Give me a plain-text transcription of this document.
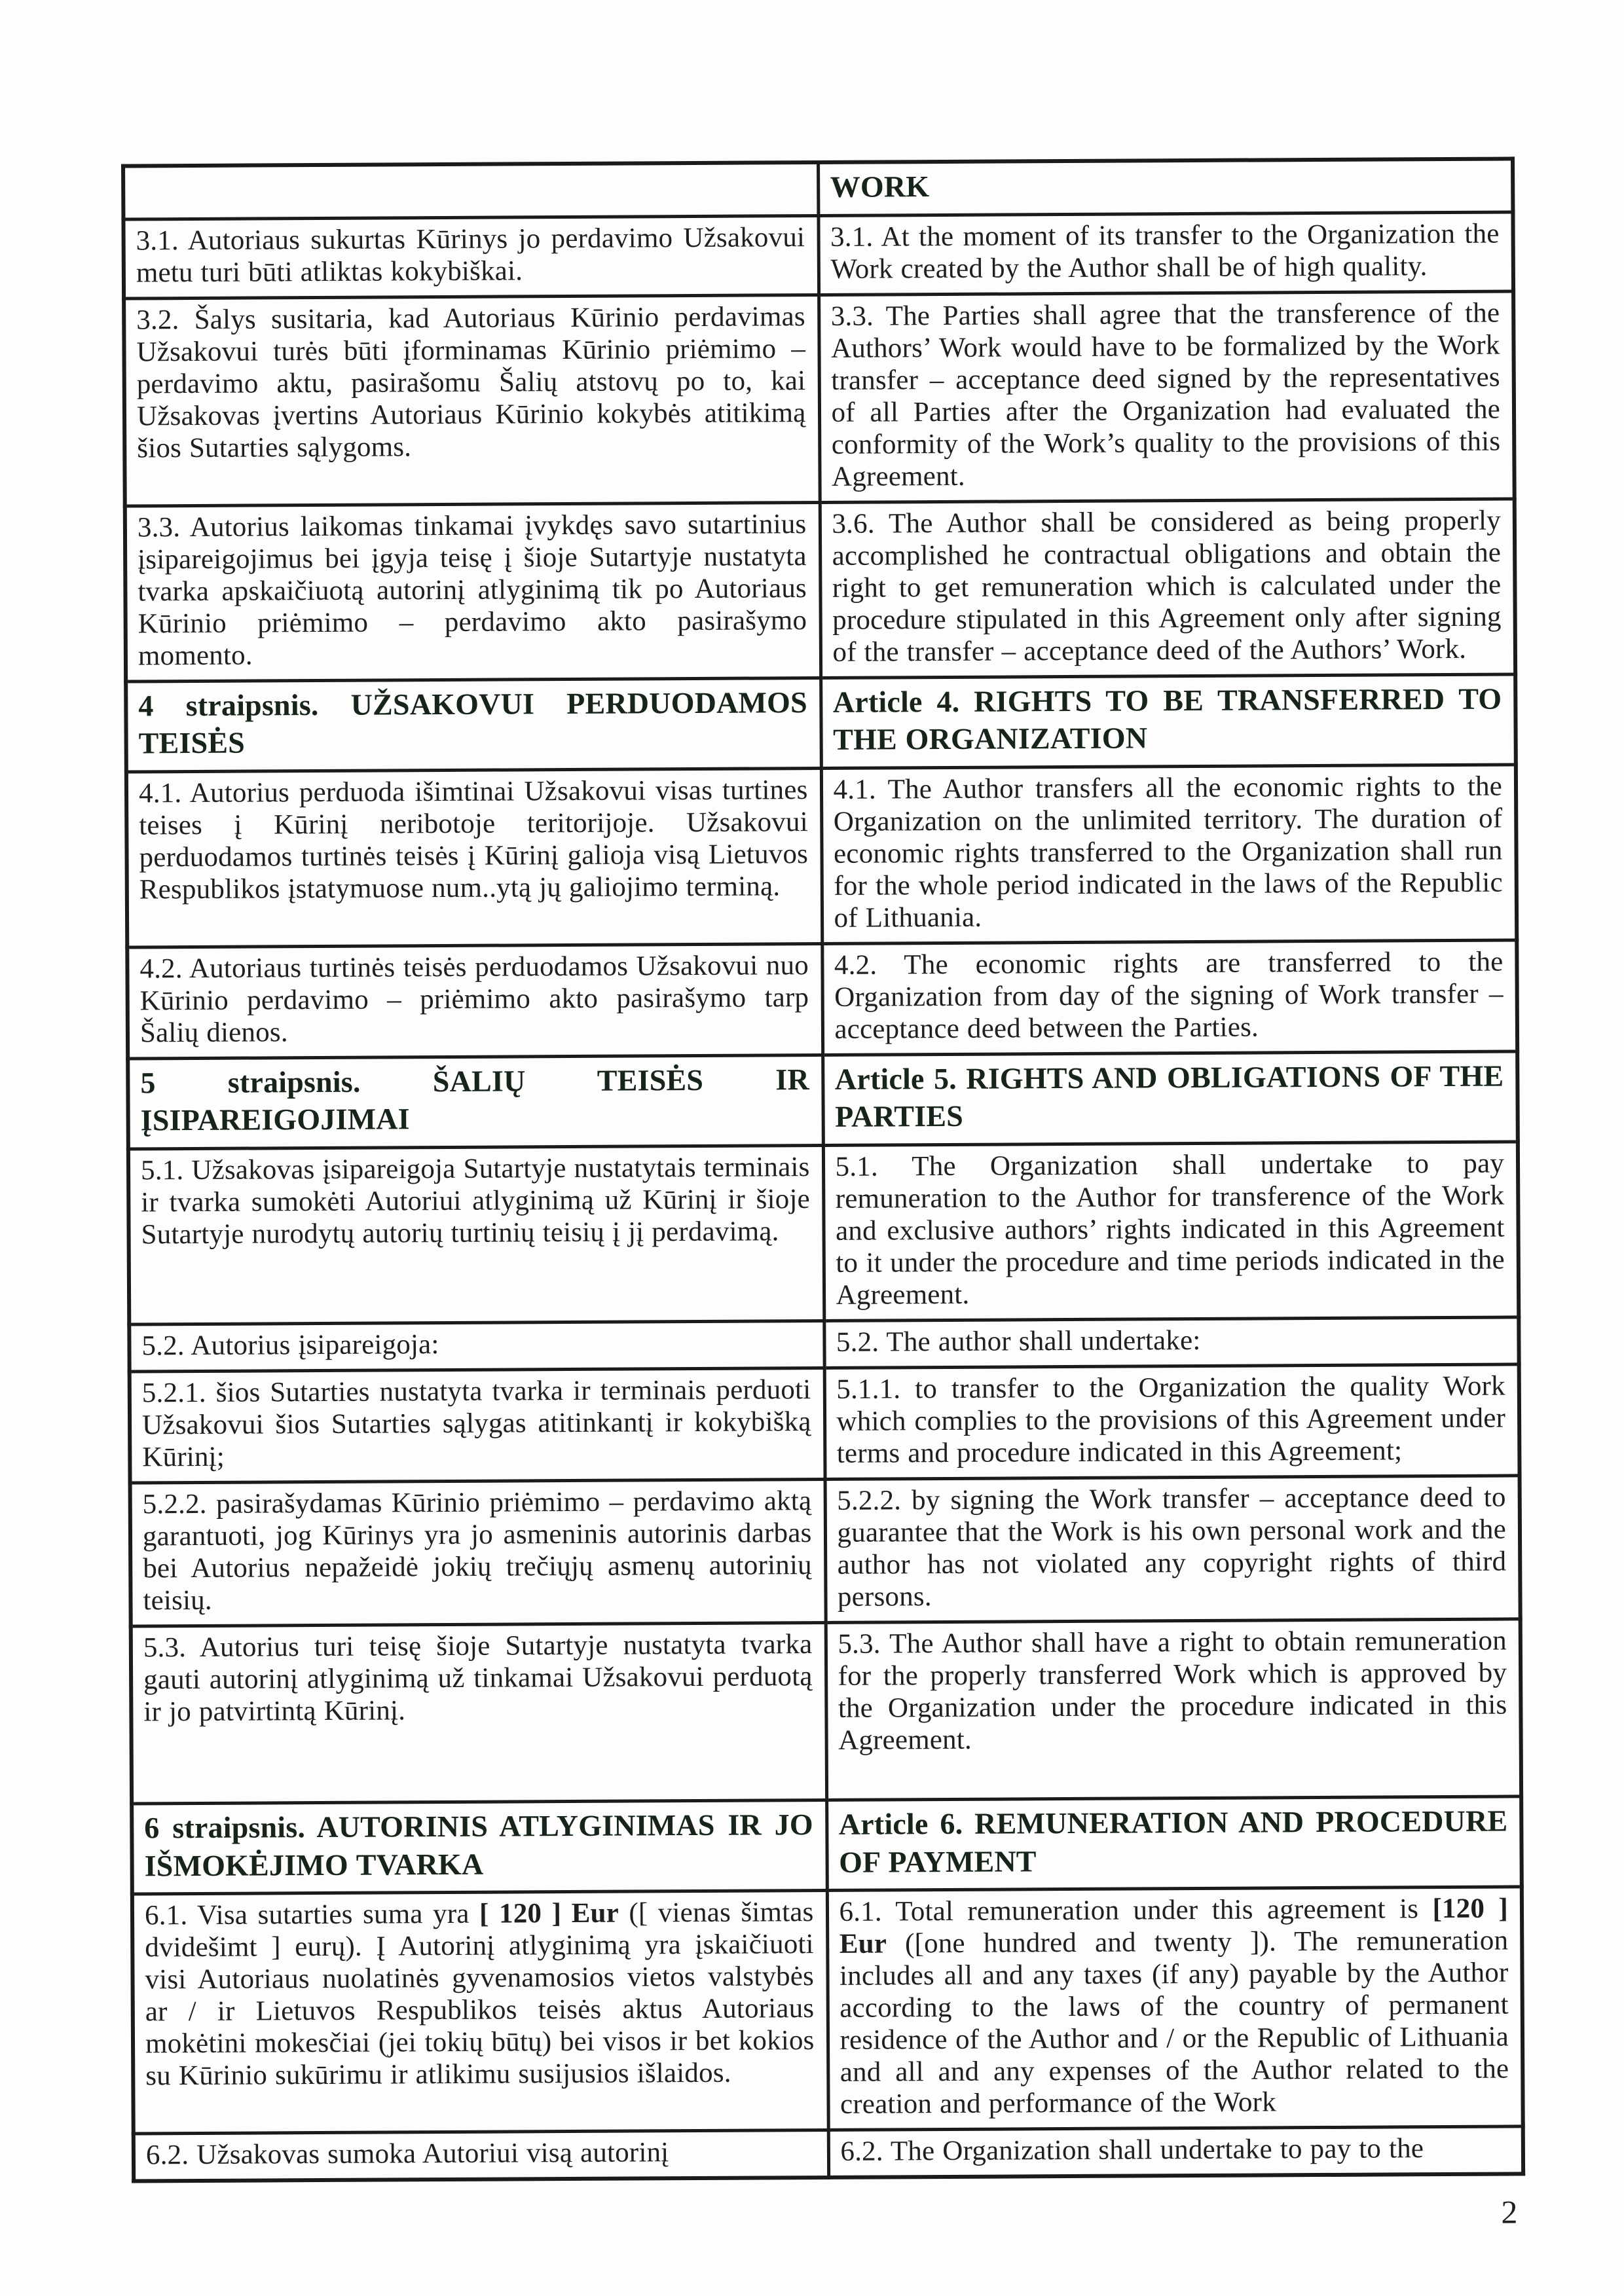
	WORK
3.1. Autoriaus sukurtas Kūrinys jo perdavimo Užsakovui metu turi būti atliktas kokybiškai.	3.1. At the moment of its transfer to the Organization the Work created by the Author shall be of high quality.
3.2. Šalys susitaria, kad Autoriaus Kūrinio perdavimas Užsakovui turės būti įforminamas Kūrinio priėmimo – perdavimo aktu, pasirašomu Šalių atstovų po to, kai Užsakovas įvertins Autoriaus Kūrinio kokybės atitikimą šios Sutarties sąlygoms.	3.3. The Parties shall agree that the transference of the Authors’ Work would have to be formalized by the Work transfer – acceptance deed signed by the representatives of all Parties after the Organization had evaluated the conformity of the Work’s quality to the provisions of this Agreement.
3.3. Autorius laikomas tinkamai įvykdęs savo sutartinius įsipareigojimus bei įgyja teisę į šioje Sutartyje nustatyta tvarka apskaičiuotą autorinį atlyginimą tik po Autoriaus Kūrinio priėmimo – perdavimo akto pasirašymo momento.	3.6. The Author shall be considered as being properly accomplished he contractual obligations and obtain the right to get remuneration which is calculated under the procedure stipulated in this Agreement only after signing of the transfer – acceptance deed of the Authors’ Work.
4 straipsnis. UŽSAKOVUI PERDUODAMOS TEISĖS	Article 4. RIGHTS TO BE TRANSFERRED TO THE ORGANIZATION
4.1. Autorius perduoda išimtinai Užsakovui visas turtines teises į Kūrinį neribotoje teritorijoje. Užsakovui perduodamos turtinės teisės į Kūrinį galioja visą Lietuvos Respublikos įstatymuose num..ytą jų galiojimo terminą.	4.1. The Author transfers all the economic rights to the Organization on the unlimited territory. The duration of economic rights transferred to the Organization shall run for the whole period indicated in the laws of the Republic of Lithuania.
4.2. Autoriaus turtinės teisės perduodamos Užsakovui nuo Kūrinio perdavimo – priėmimo akto pasirašymo tarp Šalių dienos.	4.2. The economic rights are transferred to the Organization from day of the signing of Work transfer – acceptance deed between the Parties.
5 straipsnis. ŠALIŲ TEISĖS IR ĮSIPAREIGOJIMAI	Article 5. RIGHTS AND OBLIGATIONS OF THE PARTIES
5.1. Užsakovas įsipareigoja Sutartyje nustatytais terminais ir tvarka sumokėti Autoriui atlyginimą už Kūrinį ir šioje Sutartyje nurodytų autorių turtinių teisių į jį perdavimą.	5.1. The Organization shall undertake to pay remuneration to the Author for transference of the Work and exclusive authors’ rights indicated in this Agreement to it under the procedure and time periods indicated in the Agreement.
5.2. Autorius įsipareigoja:	5.2. The author shall undertake:
5.2.1. šios Sutarties nustatyta tvarka ir terminais perduoti Užsakovui šios Sutarties sąlygas atitinkantį ir kokybišką Kūrinį;	5.1.1. to transfer to the Organization the quality Work which complies to the provisions of this Agreement under terms and procedure indicated in this Agreement;
5.2.2. pasirašydamas Kūrinio priėmimo – perdavimo aktą garantuoti, jog Kūrinys yra jo asmeninis autorinis darbas bei Autorius nepažeidė jokių trečiųjų asmenų autorinių teisių.	5.2.2. by signing the Work transfer – acceptance deed to guarantee that the Work is his own personal work and the author has not violated any copyright rights of third persons.
5.3. Autorius turi teisę šioje Sutartyje nustatyta tvarka gauti autorinį atlyginimą už tinkamai Užsakovui perduotą ir jo patvirtintą Kūrinį.	5.3. The Author shall have a right to obtain remuneration for the properly transferred Work which is approved by the Organization under the procedure indicated in this Agreement.
6 straipsnis. AUTORINIS ATLYGINIMAS IR JO IŠMOKĖJIMO TVARKA	Article 6. REMUNERATION AND PROCEDURE OF PAYMENT
6.1. Visa sutarties suma yra [ 120 ] Eur ([ vienas šimtas dvidešimt ] eurų). Į Autorinį atlyginimą yra įskaičiuoti visi Autoriaus nuolatinės gyvenamosios vietos valstybės ar / ir Lietuvos Respublikos teisės aktus Autoriaus mokėtini mokesčiai (jei tokių būtų) bei visos ir bet kokios su Kūrinio sukūrimu ir atlikimu susijusios išlaidos.	6.1. Total remuneration under this agreement is [120 ] Eur ([one hundred and twenty ]). The remuneration includes all and any taxes (if any) payable by the Author according to the laws of the country of permanent residence of the Author and / or the Republic of Lithuania and all and any expenses of the Author related to the creation and performance of the Work
6.2. Užsakovas sumoka Autoriui visą autorinį	6.2. The Organization shall undertake to pay to the
2
